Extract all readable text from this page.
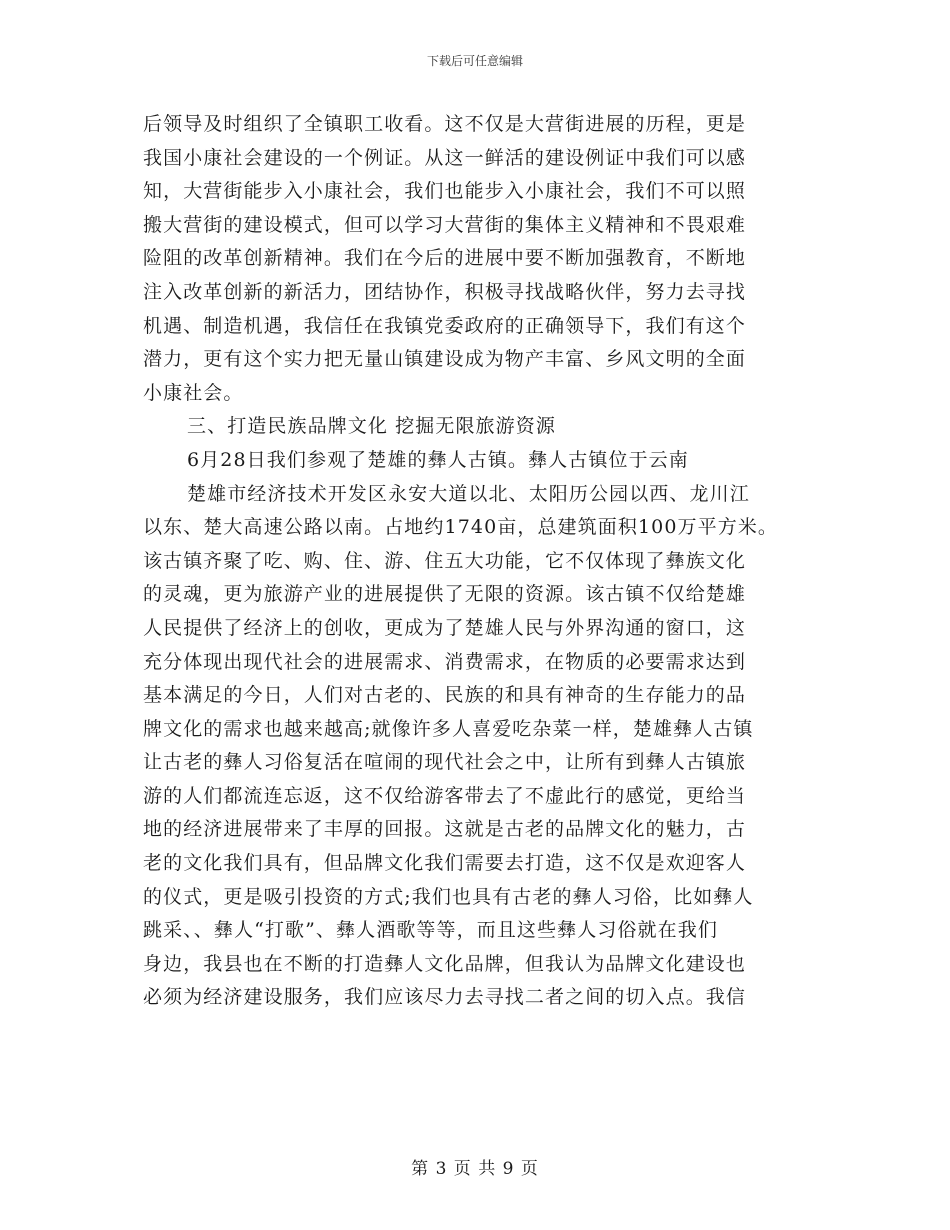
下载后可任意编辑
后领导及时组织了全镇职工收看。这不仅是大营街进展的历程，更是
我国小康社会建设的一个例证。从这一鲜活的建设例证中我们可以感
知，大营街能步入小康社会，我们也能步入小康社会，我们不可以照
搬大营街的建设模式，但可以学习大营街的集体主义精神和不畏艰难
险阻的改革创新精神。我们在今后的进展中要不断加强教育，不断地
注入改革创新的新活力，团结协作，积极寻找战略伙伴，努力去寻找
机遇、制造机遇，我信任在我镇党委政府的正确领导下，我们有这个
潜力，更有这个实力把无量山镇建设成为物产丰富、乡风文明的全面
小康社会。
三、打造民族品牌文化 挖掘无限旅游资源
6月28日我们参观了楚雄的彝人古镇。彝人古镇位于云南
楚雄市经济技术开发区永安大道以北、太阳历公园以西、龙川江
以东、楚大高速公路以南。占地约1740亩，总建筑面积100万平方米。
该古镇齐聚了吃、购、住、游、住五大功能，它不仅体现了彝族文化
的灵魂，更为旅游产业的进展提供了无限的资源。该古镇不仅给楚雄
人民提供了经济上的创收，更成为了楚雄人民与外界沟通的窗口，这
充分体现出现代社会的进展需求、消费需求，在物质的必要需求达到
基本满足的今日，人们对古老的、民族的和具有神奇的生存能力的品
牌文化的需求也越来越高;就像许多人喜爱吃杂菜一样，楚雄彝人古镇
让古老的彝人习俗复活在喧闹的现代社会之中，让所有到彝人古镇旅
游的人们都流连忘返，这不仅给游客带去了不虚此行的感觉，更给当
地的经济进展带来了丰厚的回报。这就是古老的品牌文化的魅力，古
老的文化我们具有，但品牌文化我们需要去打造，这不仅是欢迎客人
的仪式，更是吸引投资的方式;我们也具有古老的彝人习俗，比如彝人
跳采、、彝人“打歌”、彝人酒歌等等，而且这些彝人习俗就在我们
身边，我县也在不断的打造彝人文化品牌，但我认为品牌文化建设也
必须为经济建设服务，我们应该尽力去寻找二者之间的切入点。我信
第 3 页 共 9 页
